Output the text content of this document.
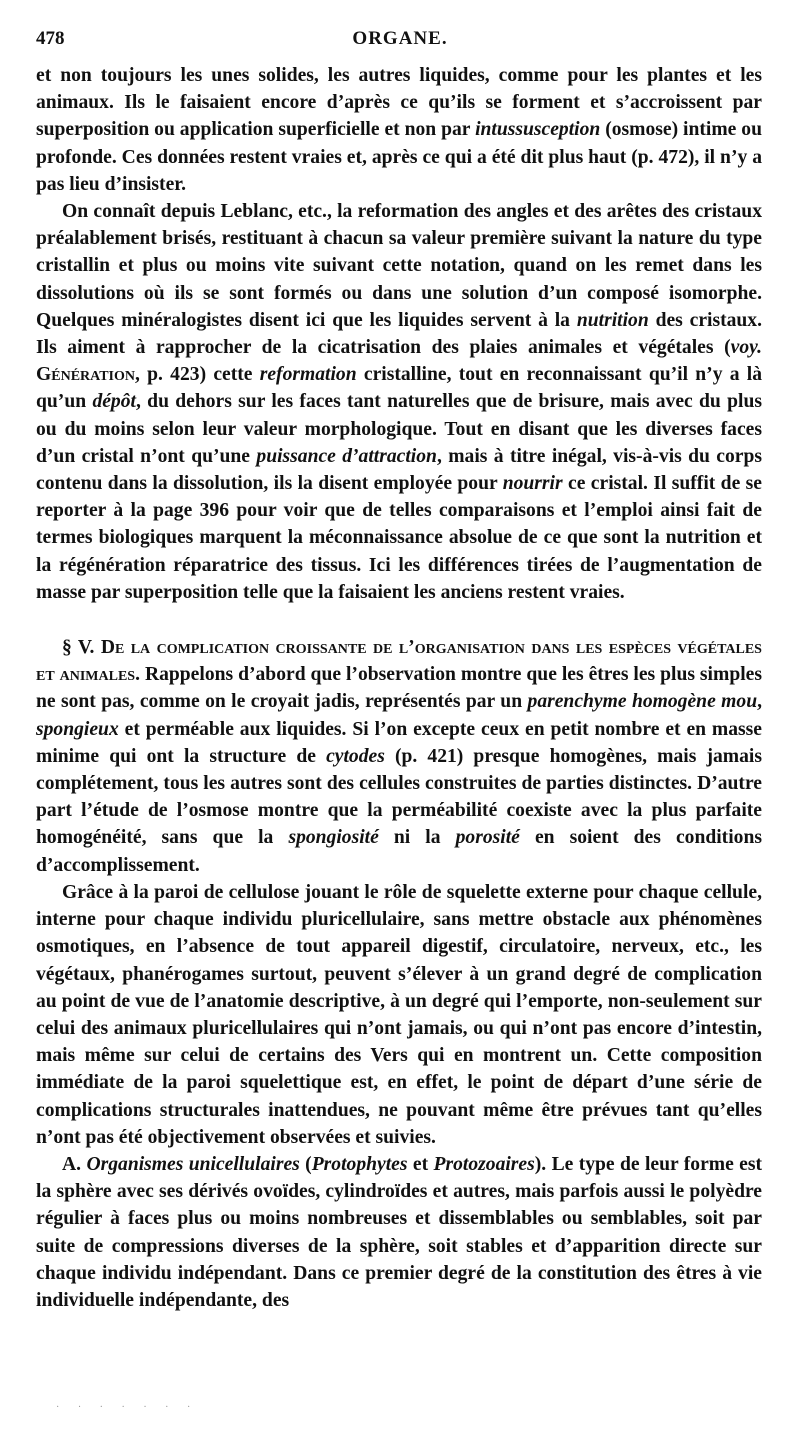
478	ORGANE.

et non toujours les unes solides, les autres liquides, comme pour les plantes et les animaux. Ils le faisaient encore d’après ce qu’ils se forment et s’accroissent par superposition ou application superficielle et non par intussusception (osmose) intime ou profonde. Ces données restent vraies et, après ce qui a été dit plus haut (p. 472), il n’y a pas lieu d’insister.

On connaît depuis Leblanc, etc., la reformation des angles et des arêtes des cristaux préalablement brisés, restituant à chacun sa valeur première suivant la nature du type cristallin et plus ou moins vite suivant cette notation, quand on les remet dans les dissolutions où ils se sont formés ou dans une solution d’un composé isomorphe. Quelques minéralogistes disent ici que les liquides servent à la nutrition des cristaux. Ils aiment à rapprocher de la cicatrisation des plaies animales et végétales (voy. Génération, p. 423) cette reformation cristalline, tout en reconnaissant qu’il n’y a là qu’un dépôt, du dehors sur les faces tant naturelles que de brisure, mais avec du plus ou du moins selon leur valeur morphologique. Tout en disant que les diverses faces d’un cristal n’ont qu’une puissance d’attraction, mais à titre inégal, vis-à-vis du corps contenu dans la dissolution, ils la disent employée pour nourrir ce cristal. Il suffit de se reporter à la page 396 pour voir que de telles comparaisons et l’emploi ainsi fait de termes biologiques marquent la méconnaissance absolue de ce que sont la nutrition et la régénération réparatrice des tissus. Ici les différences tirées de l’augmentation de masse par superposition telle que la faisaient les anciens restent vraies.

§ V. De la complication croissante de l’organisation dans les espèces végétales et animales. Rappelons d’abord que l’observation montre que les êtres les plus simples ne sont pas, comme on le croyait jadis, représentés par un parenchyme homogène mou, spongieux et perméable aux liquides. Si l’on excepte ceux en petit nombre et en masse minime qui ont la structure de cytodes (p. 421) presque homogènes, mais jamais complétement, tous les autres sont des cellules construites de parties distinctes. D’autre part l’étude de l’osmose montre que la perméabilité coexiste avec la plus parfaite homogénéité, sans que la spongiosité ni la porosité en soient des conditions d’accomplissement.

Grâce à la paroi de cellulose jouant le rôle de squelette externe pour chaque cellule, interne pour chaque individu pluricellulaire, sans mettre obstacle aux phénomènes osmotiques, en l’absence de tout appareil digestif, circulatoire, nerveux, etc., les végétaux, phanérogames surtout, peuvent s’élever à un grand degré de complication au point de vue de l’anatomie descriptive, à un degré qui l’emporte, non-seulement sur celui des animaux pluricellulaires qui n’ont jamais, ou qui n’ont pas encore d’intestin, mais même sur celui de certains des Vers qui en montrent un. Cette composition immédiate de la paroi squelettique est, en effet, le point de départ d’une série de complications structurales inattendues, ne pouvant même être prévues tant qu’elles n’ont pas été objectivement observées et suivies.

A. Organismes unicellulaires (Protophytes et Protozoaires). Le type de leur forme est la sphère avec ses dérivés ovoïdes, cylindroïdes et autres, mais parfois aussi le polyèdre régulier à faces plus ou moins nombreuses et dissemblables ou semblables, soit par suite de compressions diverses de la sphère, soit stables et d’apparition directe sur chaque individu indépendant. Dans ce premier degré de la constitution des êtres à vie individuelle indépendante, des

· · · · · · ·
